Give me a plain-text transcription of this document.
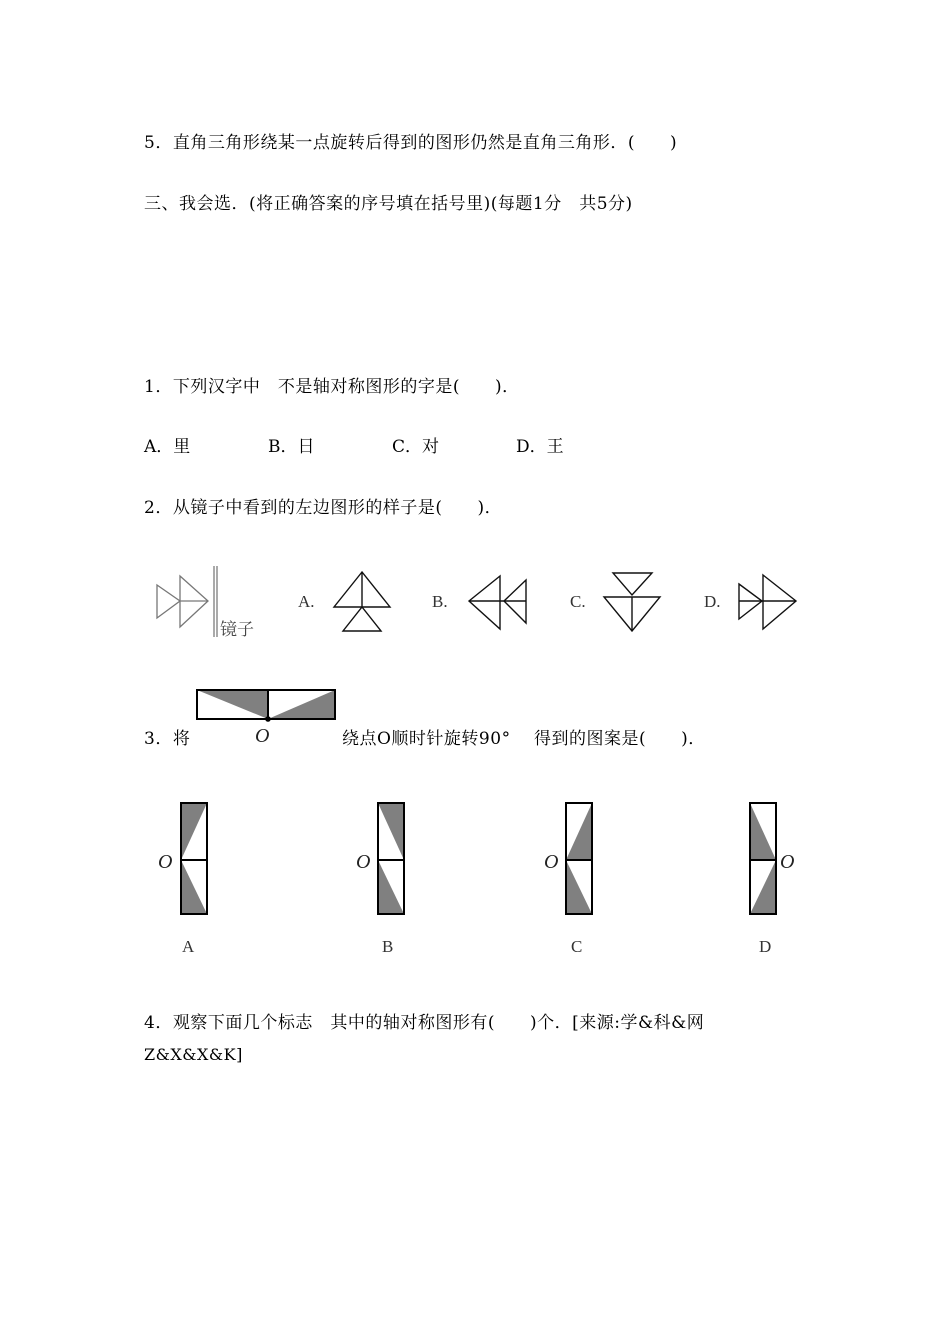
5．直角三角形绕某一点旋转后得到的图形仍然是直角三角形．(　　)
三、我会选．(将正确答案的序号填在括号里)(每题1分　共5分)
1．下列汉字中　不是轴对称图形的字是(　　)．
A．里	B．日	C．对	D．王
2．从镜子中看到的左边图形的样子是(　　)．
镜子
A.	B.	C.	D.
3．将	绕点O顺时针旋转90°　 得到的图案是(　　)．
O
O
A
O
B
O
C
O
D
4．观察下面几个标志　其中的轴对称图形有(　　)个．[来源:学&科&网
Z&X&X&K]
